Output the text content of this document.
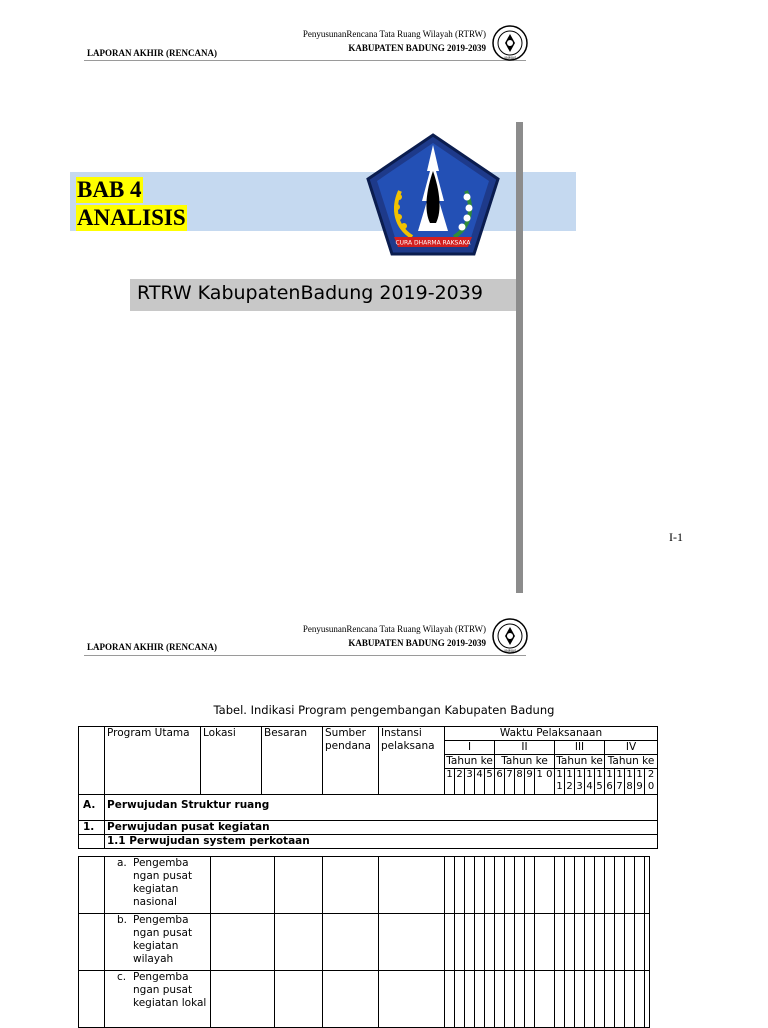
PenyusunanRencana Tata Ruang Wilayah (RTRW)
KABUPATEN BADUNG 2019-2039
LAPORAN AKHIR (RENCANA)	UNMAS
BAB 4
ANALISIS
CURA DHARMA RAKSAKA
RTRW KabupatenBadung 2019-2039
I-1
PenyusunanRencana Tata Ruang Wilayah (RTRW)
KABUPATEN BADUNG 2019-2039
LAPORAN AKHIR (RENCANA)	UNMAS
Tabel. Indikasi Program pengembangan Kabupaten Badung
	Program Utama	Lokasi	Besaran	Sumber pendana	Instansi pelaksana	Waktu Pelaksanaan																			
						I					II					III					IV				
						Tahun ke					Tahun ke					Tahun ke					Tahun ke				
						1	2	3	4	5	6	7	8	9	1 0	1 1	1 2	1 3	1 4	1 5	1 6	1 7	1 8	1 9	2 0
A.	Perwujudan Struktur ruang																								
1.	Perwujudan pusat kegiatan																								
	1.1 Perwujudan system perkotaan																								

	a. Pengemba ngan pusat kegiatan nasional																								

	b. Pengemba ngan pusat kegiatan wilayah																								

	c. Pengemba ngan pusat kegiatan lokal																								
